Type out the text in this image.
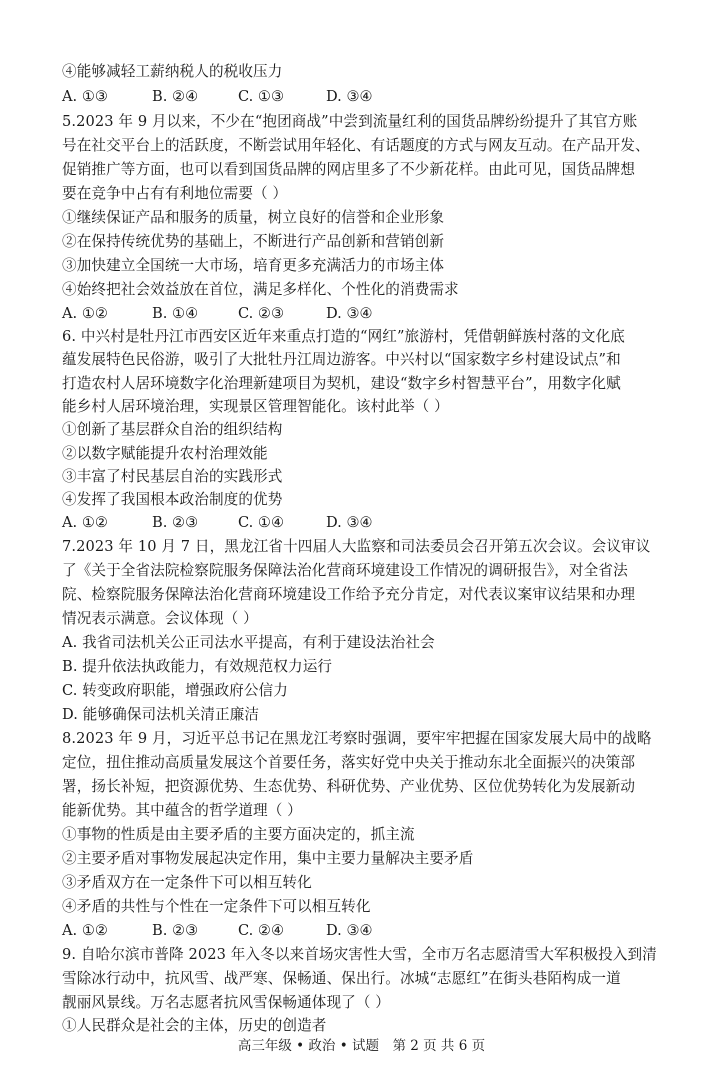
④能够减轻工薪纳税人的税收压力
A. ①③	B. ②④	C. ①③	D. ③④
5.2023 年 9 月以来，不少在“抱团商战”中尝到流量红利的国货品牌纷纷提升了其官方账
号在社交平台上的活跃度，不断尝试用年轻化、有话题度的方式与网友互动。在产品开发、
促销推广等方面，也可以看到国货品牌的网店里多了不少新花样。由此可见，国货品牌想
要在竞争中占有有利地位需要（ ）
①继续保证产品和服务的质量，树立良好的信誉和企业形象
②在保持传统优势的基础上，不断进行产品创新和营销创新
③加快建立全国统一大市场，培育更多充满活力的市场主体
④始终把社会效益放在首位，满足多样化、个性化的消费需求
A. ①②	B. ①④	C. ②③	D. ③④
6. 中兴村是牡丹江市西安区近年来重点打造的“网红”旅游村，凭借朝鲜族村落的文化底
蕴发展特色民俗游，吸引了大批牡丹江周边游客。中兴村以“国家数字乡村建设试点”和
打造农村人居环境数字化治理新建项目为契机，建设“数字乡村智慧平台”，用数字化赋
能乡村人居环境治理，实现景区管理智能化。该村此举（ ）
①创新了基层群众自治的组织结构
②以数字赋能提升农村治理效能
③丰富了村民基层自治的实践形式
④发挥了我国根本政治制度的优势
A. ①②	B. ②③	C. ①④	D. ③④
7.2023 年 10 月 7 日，黑龙江省十四届人大监察和司法委员会召开第五次会议。会议审议
了《关于全省法院检察院服务保障法治化营商环境建设工作情况的调研报告》，对全省法
院、检察院服务保障法治化营商环境建设工作给予充分肯定，对代表议案审议结果和办理
情况表示满意。会议体现（ ）
A. 我省司法机关公正司法水平提高，有利于建设法治社会
B. 提升依法执政能力，有效规范权力运行
C. 转变政府职能，增强政府公信力
D. 能够确保司法机关清正廉洁
8.2023 年 9 月，习近平总书记在黑龙江考察时强调，要牢牢把握在国家发展大局中的战略
定位，扭住推动高质量发展这个首要任务，落实好党中央关于推动东北全面振兴的决策部
署，扬长补短，把资源优势、生态优势、科研优势、产业优势、区位优势转化为发展新动
能新优势。其中蕴含的哲学道理（ ）
①事物的性质是由主要矛盾的主要方面决定的，抓主流
②主要矛盾对事物发展起决定作用，集中主要力量解决主要矛盾
③矛盾双方在一定条件下可以相互转化
④矛盾的共性与个性在一定条件下可以相互转化
A. ①②	B. ②③	C. ②④	D. ③④
9. 自哈尔滨市普降 2023 年入冬以来首场灾害性大雪，全市万名志愿清雪大军积极投入到清
雪除冰行动中，抗风雪、战严寒、保畅通、保出行。冰城“志愿红”在街头巷陌构成一道
靓丽风景线。万名志愿者抗风雪保畅通体现了（ ）
①人民群众是社会的主体，历史的创造者
高三年级 • 政治 • 试题　第 2 页 共 6 页
